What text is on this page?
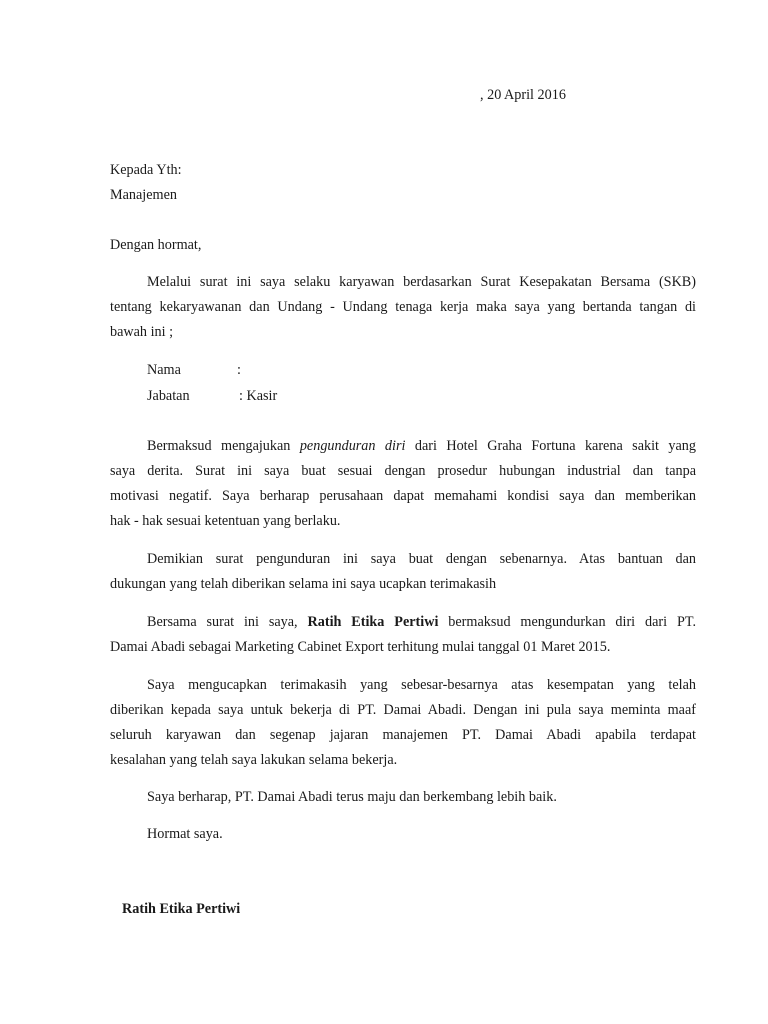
, 20 April 2016
Kepada Yth:
Manajemen
Dengan hormat,
Melalui surat ini saya selaku karyawan berdasarkan Surat Kesepakatan Bersama (SKB)
tentang kekaryawanan dan Undang - Undang tenaga kerja maka saya yang bertanda tangan di
bawah ini ;
Nama	:
Jabatan	: Kasir
Bermaksud mengajukan pengunduran diri dari Hotel Graha Fortuna karena sakit yang
saya derita. Surat ini saya buat sesuai dengan prosedur hubungan industrial dan tanpa
motivasi negatif. Saya berharap perusahaan dapat memahami kondisi saya dan memberikan
hak - hak sesuai ketentuan yang berlaku.
Demikian surat pengunduran ini saya buat dengan sebenarnya. Atas bantuan dan
dukungan yang telah diberikan selama ini saya ucapkan terimakasih
Bersama surat ini saya, Ratih Etika Pertiwi bermaksud mengundurkan diri dari PT.
Damai Abadi sebagai Marketing Cabinet Export terhitung mulai tanggal 01 Maret 2015.
Saya mengucapkan terimakasih yang sebesar-besarnya atas kesempatan yang telah
diberikan kepada saya untuk bekerja di PT. Damai Abadi. Dengan ini pula saya meminta maaf
seluruh karyawan dan segenap jajaran manajemen PT. Damai Abadi apabila terdapat
kesalahan yang telah saya lakukan selama bekerja.
Saya berharap, PT. Damai Abadi terus maju dan berkembang lebih baik.
Hormat saya.
Ratih Etika Pertiwi
